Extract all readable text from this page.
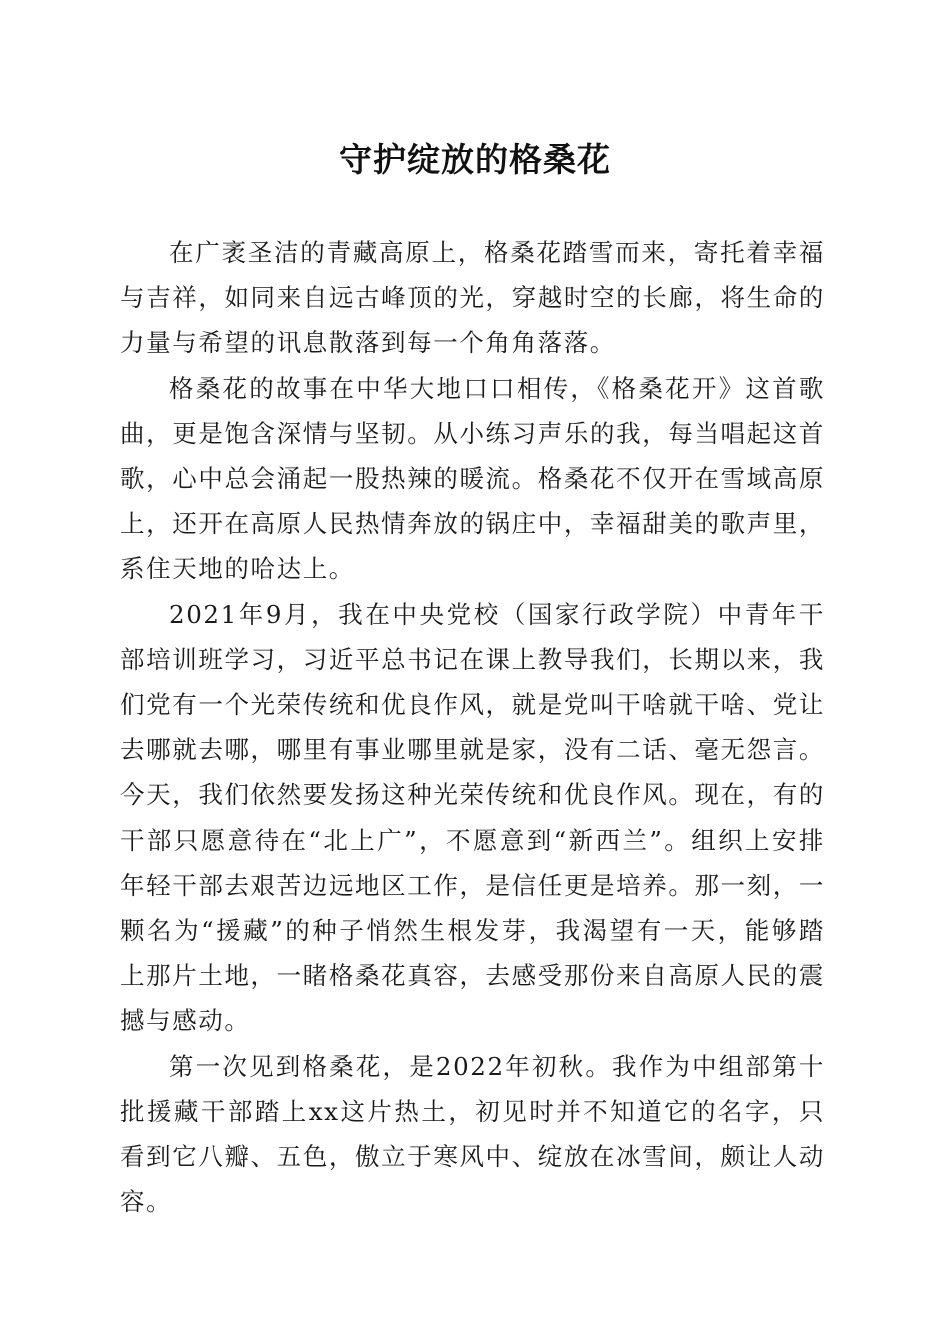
守护绽放的格桑花

在广袤圣洁的青藏高原上，格桑花踏雪而来，寄托着幸福与吉祥，如同来自远古峰顶的光，穿越时空的长廊，将生命的力量与希望的讯息散落到每一个角角落落。

格桑花的故事在中华大地口口相传，《格桑花开》这首歌曲，更是饱含深情与坚韧。从小练习声乐的我，每当唱起这首歌，心中总会涌起一股热辣的暖流。格桑花不仅开在雪域高原上，还开在高原人民热情奔放的锅庄中，幸福甜美的歌声里，系住天地的哈达上。

2021年9月，我在中央党校（国家行政学院）中青年干部培训班学习，习近平总书记在课上教导我们，长期以来，我们党有一个光荣传统和优良作风，就是党叫干啥就干啥、党让去哪就去哪，哪里有事业哪里就是家，没有二话、毫无怨言。今天，我们依然要发扬这种光荣传统和优良作风。现在，有的干部只愿意待在“北上广”，不愿意到“新西兰”。组织上安排年轻干部去艰苦边远地区工作，是信任更是培养。那一刻，一颗名为“援藏”的种子悄然生根发芽，我渴望有一天，能够踏上那片土地，一睹格桑花真容，去感受那份来自高原人民的震撼与感动。

第一次见到格桑花，是2022年初秋。我作为中组部第十批援藏干部踏上xx这片热土，初见时并不知道它的名字，只看到它八瓣、五色，傲立于寒风中、绽放在冰雪间，颇让人动容。
